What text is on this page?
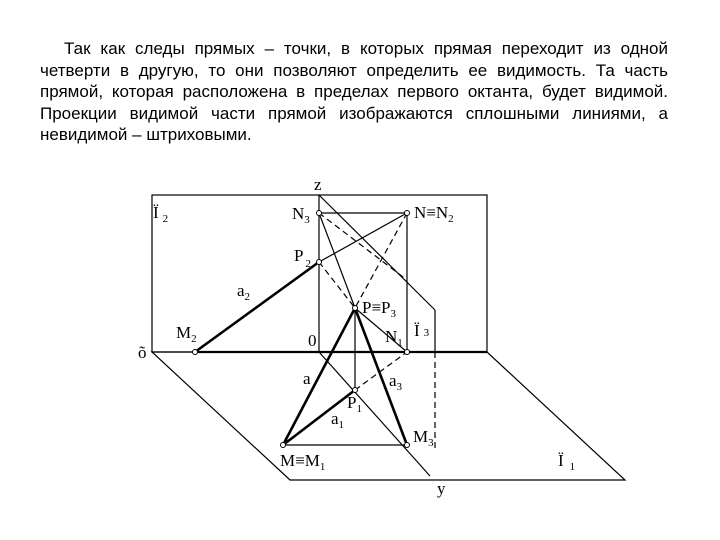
Так как следы прямых – точки, в которых прямая переходит из одной четверти в другую, то они позволяют определить ее видимость. Та часть прямой, которая расположена в пределах первого октанта, будет видимой. Проекции видимой части прямой изображаются сплошными линиями, а невидимой – штриховыми.

z
Ï $_2$	$N_3$	$N\equiv N_2$
P $_2$
$a_2$
$P\equiv P_3$
Ï 3
$M_2$
õ
0	$N_1$
a	$a_3$
$P_1$
$a_1$
$M_3$
$M\equiv M_1$	Ï $_1$
y
